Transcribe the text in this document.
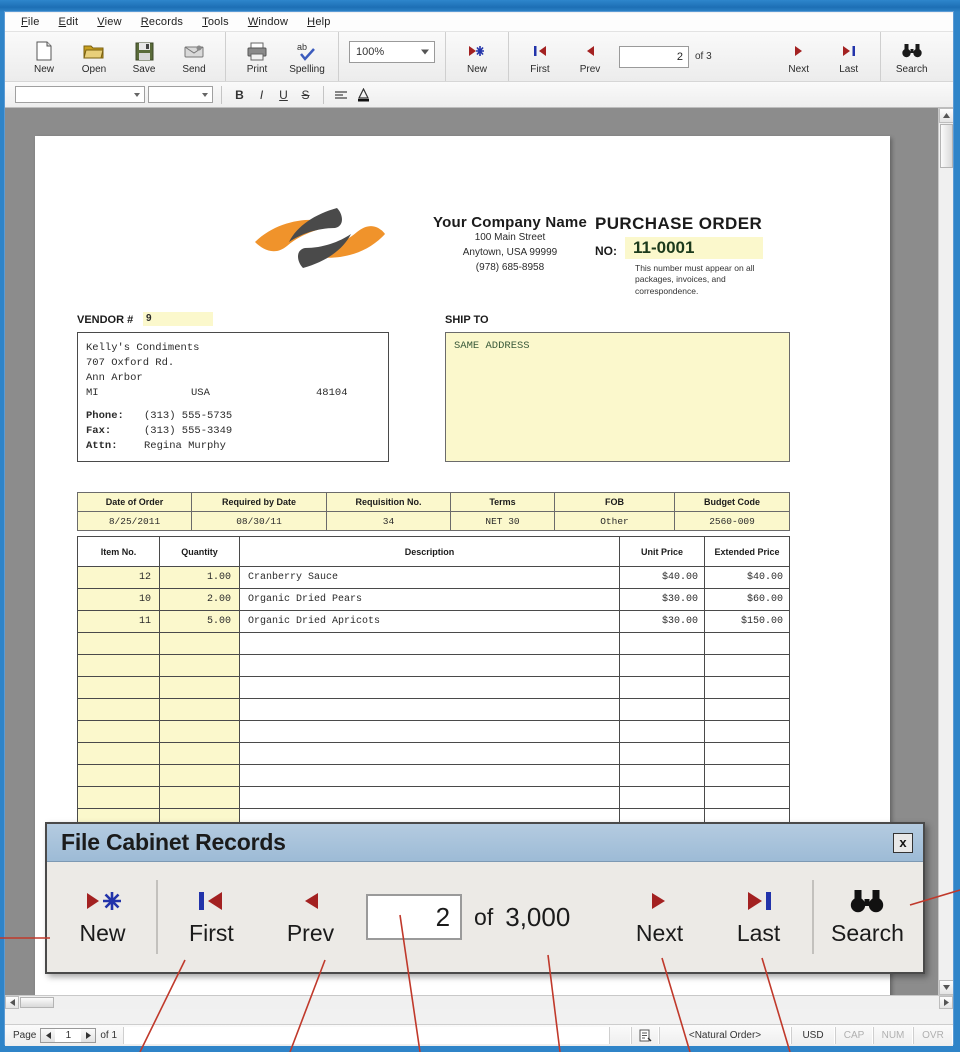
File Edit View Records Tools Window Help
New	Open	Save	Send	Print
ab
Spelling
100%
New	First	Prev
2	of 3
Next	Last	Search
B	I	U	S
Your Company Name
100 Main Street
Anytown, USA 99999
(978) 685-8958
PURCHASE ORDER
NO: 11-0001
This number must appear on all packages, invoices, and correspondence.
VENDOR #	9	SHIP TO
Kelly's Condiments
707 Oxford Rd.
Ann Arbor
MI	USA	48104
Phone:	(313) 555-5735
Fax:	(313) 555-3349
Attn:	Regina Murphy
SAME ADDRESS
Date of Order	Required by Date	Requisition No.	Terms	FOB	Budget Code
8/25/2011	08/30/11	34	NET 30	Other	2560-009
Item No.	Quantity	Description	Unit Price	Extended Price
12	1.00	Cranberry Sauce	$40.00	$40.00
10	2.00	Organic Dried Pears	$30.00	$60.00
11	5.00	Organic Dried Apricots	$30.00	$150.00

File Cabinet Records	x
New	First Prev
2	of 3,000
Next Last Search
Page	1	of 1	<Natural Order>	USD	CAP	NUM	OVR
